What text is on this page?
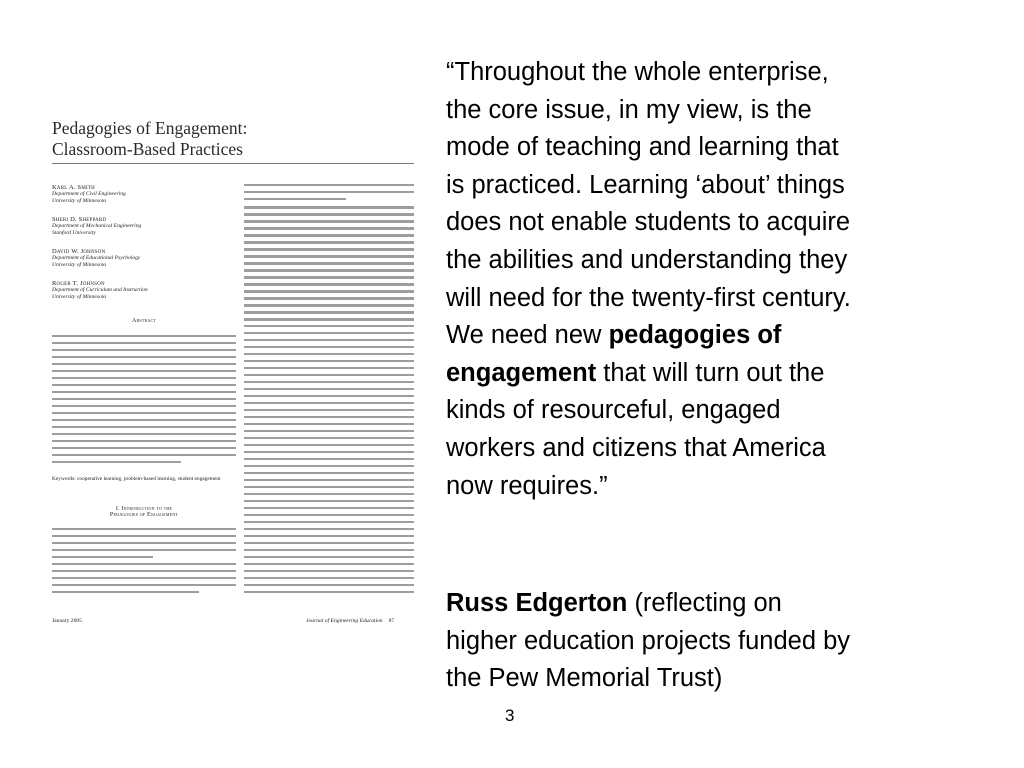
Pedagogies of Engagement:
Classroom-Based Practices
Karl A. Smith
Department of Civil Engineering
University of Minnesota
Sheri D. Sheppard
Department of Mechanical Engineering
Stanford University
David W. Johnson
Department of Educational Psychology
University of Minnesota
Roger T. Johnson
Department of Curriculum and Instruction
University of Minnesota
Abstract
Keywords: cooperative learning, problem-based learning, student engagement
I. Introduction to the
Pedagogies of Engagement
January 2005	Journal of Engineering Education 87
“Throughout the whole enterprise,
the core issue, in my view, is the
mode of teaching and learning that
is practiced. Learning ‘about’ things
does not enable students to acquire
the abilities and understanding they
will need for the twenty-first century.
We need new pedagogies of
engagement that will turn out the
kinds of resourceful, engaged
workers and citizens that America
now requires.”
Russ Edgerton (reflecting on
higher education projects funded by
the Pew Memorial Trust)
3
